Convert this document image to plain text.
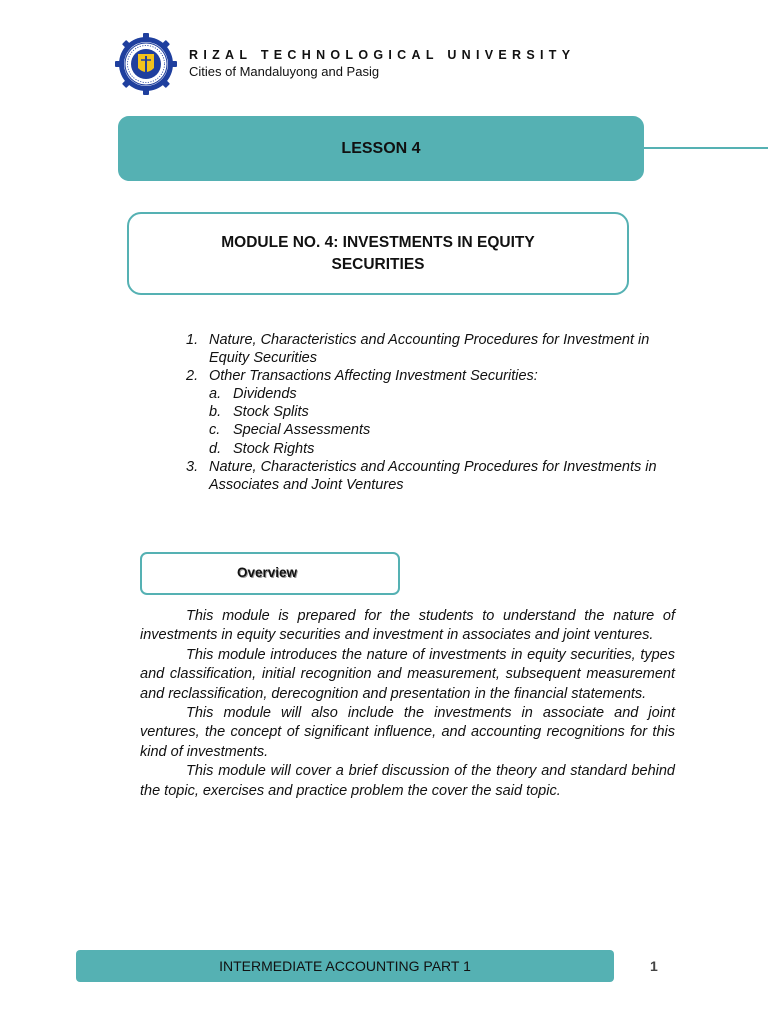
RIZAL TECHNOLOGICAL UNIVERSITY
Cities of Mandaluyong and Pasig
LESSON 4
MODULE NO. 4: INVESTMENTS IN EQUITY SECURITIES
1. Nature, Characteristics and Accounting Procedures for Investment in Equity Securities
2. Other Transactions Affecting Investment Securities:
a. Dividends
b. Stock Splits
c. Special Assessments
d. Stock Rights
3. Nature, Characteristics and Accounting Procedures for Investments in Associates and Joint Ventures
Overview

This module is prepared for the students to understand the nature of investments in equity securities and investment in associates and joint ventures.

This module introduces the nature of investments in equity securities, types and classification, initial recognition and measurement, subsequent measurement and reclassification, derecognition and presentation in the financial statements.

This module will also include the investments in associate and joint ventures, the concept of significant influence, and accounting recognitions for this kind of investments.

This module will cover a brief discussion of the theory and standard behind the topic, exercises and practice problem the cover the said topic.

INTERMEDIATE ACCOUNTING PART 1	1
